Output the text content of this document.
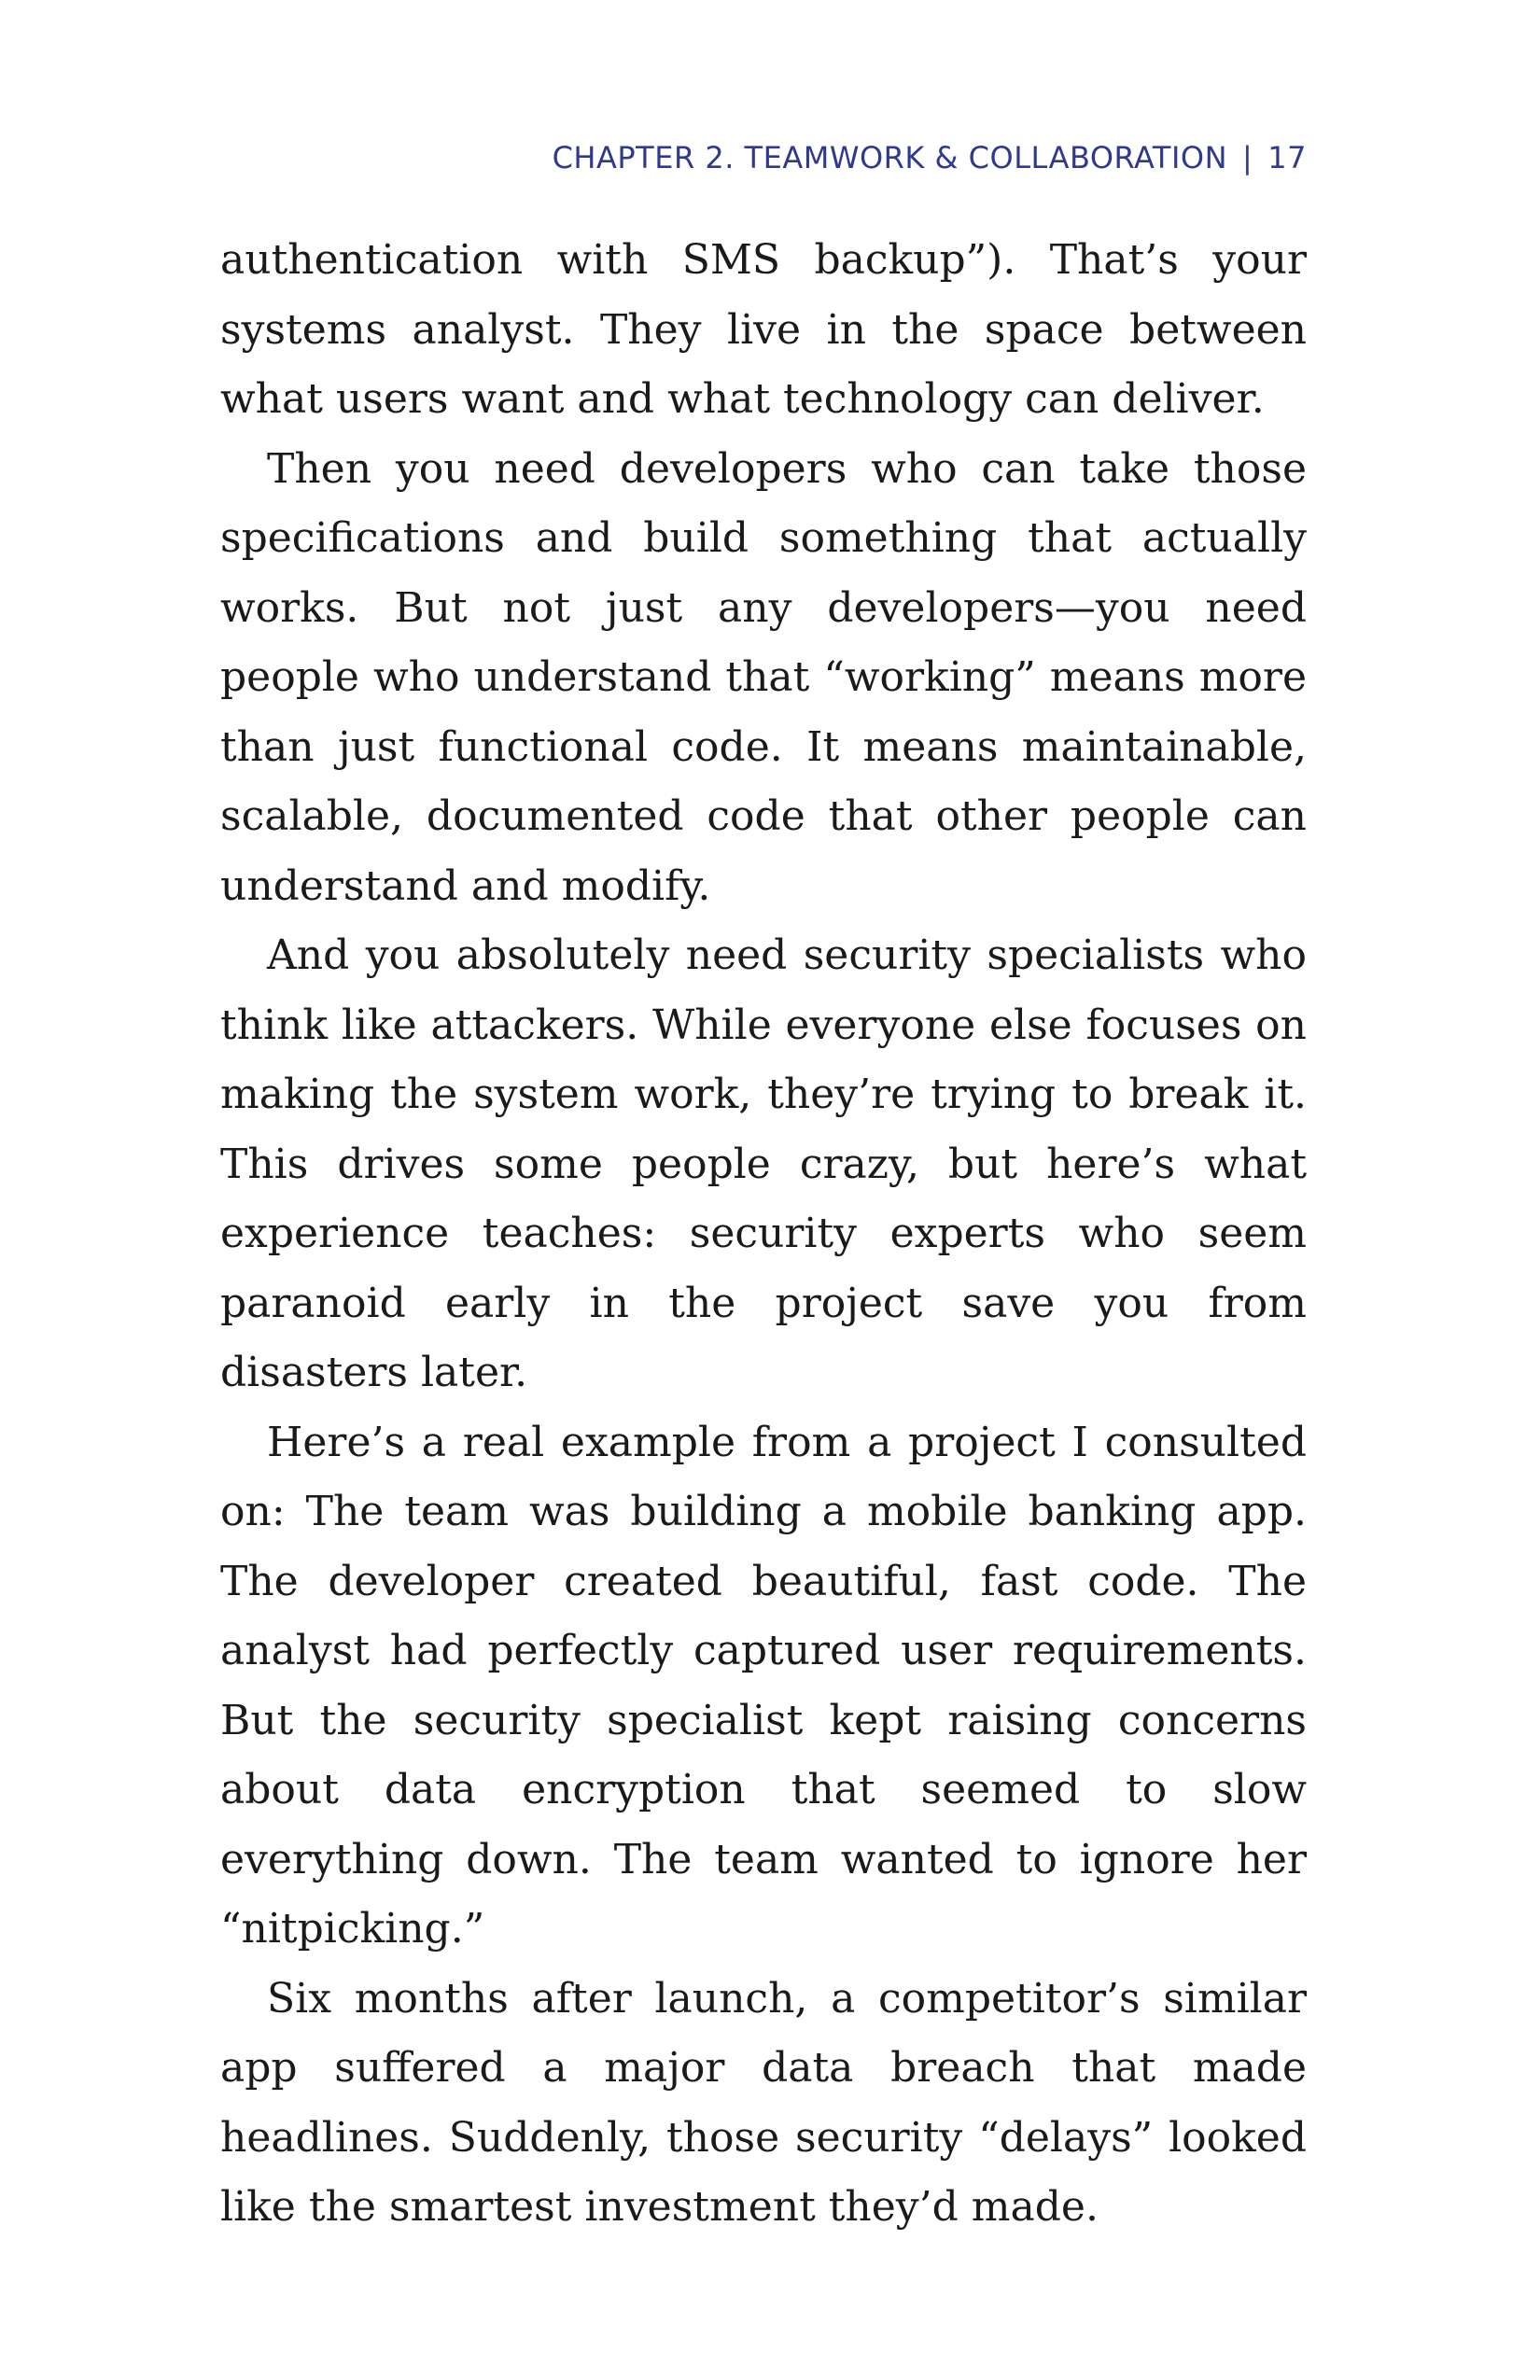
CHAPTER 2. TEAMWORK & COLLABORATION | 17

authentication with SMS backup”). That’s your systems analyst. They live in the space between what users want and what technology can deliver.

Then you need developers who can take those specifications and build something that actually works. But not just any developers—you need people who understand that “working” means more than just functional code. It means maintainable, scalable, documented code that other people can understand and modify.

And you absolutely need security specialists who think like attackers. While everyone else focuses on making the system work, they’re trying to break it. This drives some people crazy, but here’s what experience teaches: security experts who seem paranoid early in the project save you from disasters later.

Here’s a real example from a project I consulted on: The team was building a mobile banking app. The developer created beautiful, fast code. The analyst had perfectly captured user requirements. But the security specialist kept raising concerns about data encryption that seemed to slow everything down. The team wanted to ignore her “nitpicking.”

Six months after launch, a competitor’s similar app suffered a major data breach that made headlines. Suddenly, those security “delays” looked like the smartest investment they’d made.
